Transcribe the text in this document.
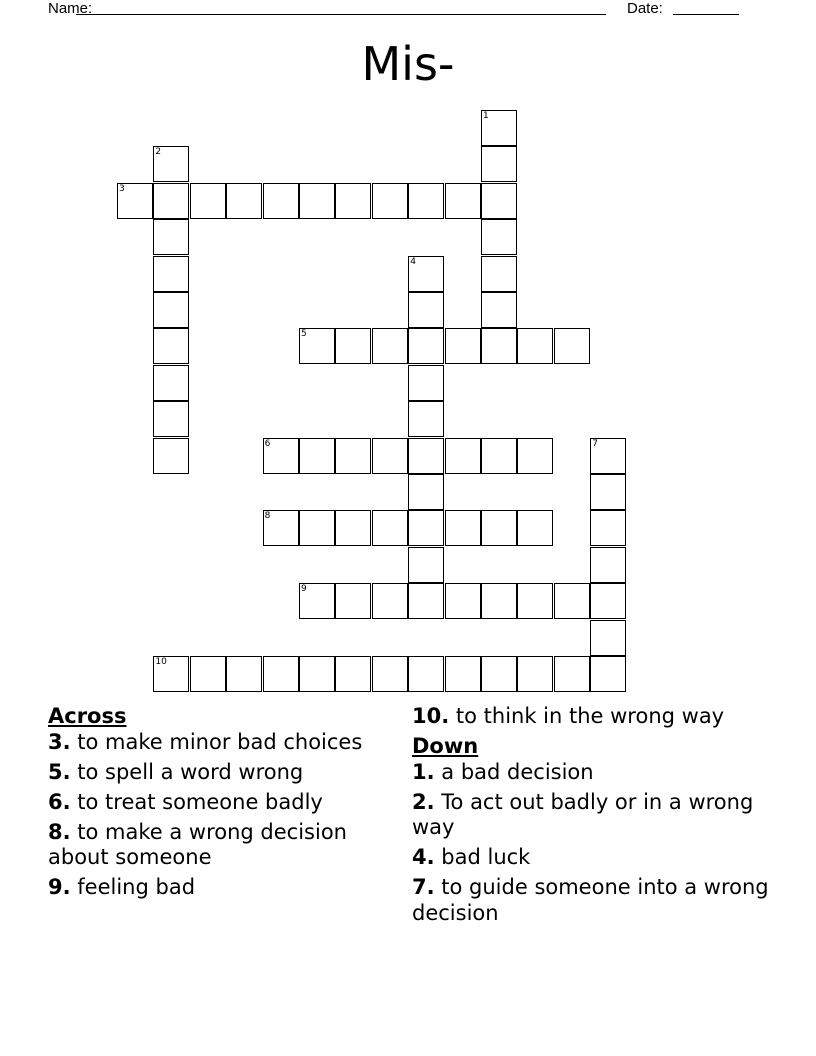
Name:	Date:
Mis-
1
2
3
4
5
6	7
8
9
10
Across
3. to make minor bad choices
5. to spell a word wrong
6. to treat someone badly
8. to make a wrong decision about someone
9. feeling bad
10. to think in the wrong way
Down
1. a bad decision
2. To act out badly or in a wrong way
4. bad luck
7. to guide someone into a wrong decision
